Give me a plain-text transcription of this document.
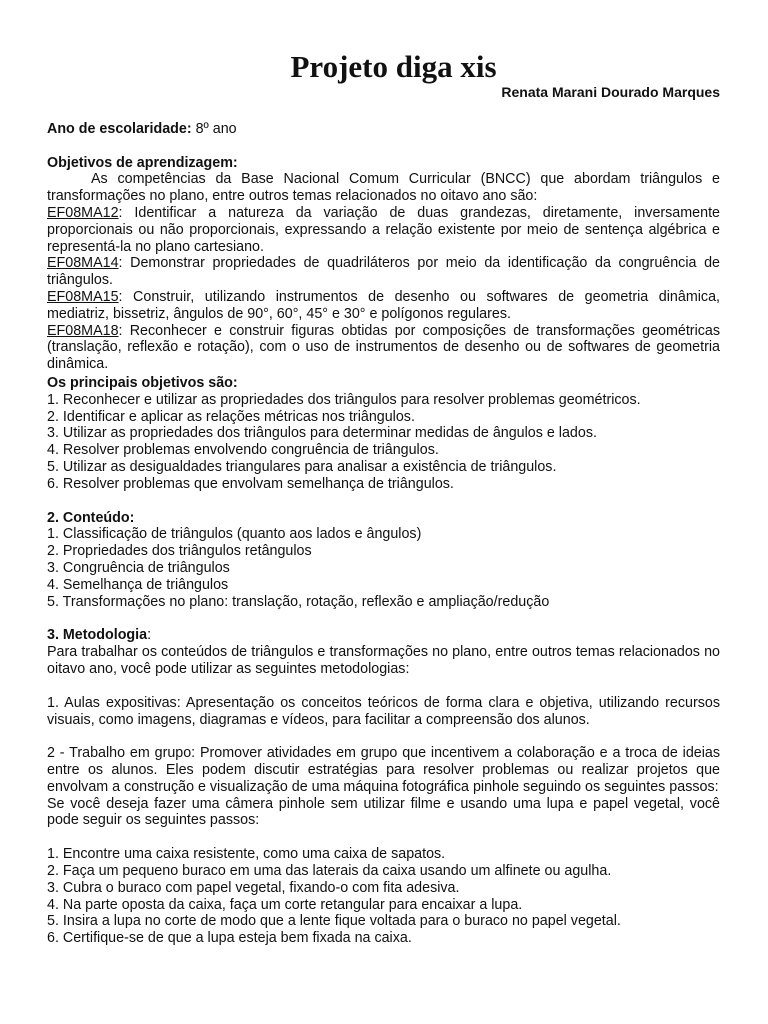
Projeto diga xis

Renata Marani Dourado Marques

Ano de escolaridade: 8º ano

Objetivos de aprendizagem:

As competências da Base Nacional Comum Curricular (BNCC) que abordam triângulos e transformações no plano, entre outros temas relacionados no oitavo ano são:

EF08MA12: Identificar a natureza da variação de duas grandezas, diretamente, inversamente proporcionais ou não proporcionais, expressando a relação existente por meio de sentença algébrica e representá-la no plano cartesiano.

EF08MA14: Demonstrar propriedades de quadriláteros por meio da identificação da congruência de triângulos.

EF08MA15: Construir, utilizando instrumentos de desenho ou softwares de geometria dinâmica, mediatriz, bissetriz, ângulos de 90°, 60°, 45° e 30° e polígonos regulares.

EF08MA18: Reconhecer e construir figuras obtidas por composições de transformações geométricas (translação, reflexão e rotação), com o uso de instrumentos de desenho ou de softwares de geometria dinâmica.

Os principais objetivos são:

1. Reconhecer e utilizar as propriedades dos triângulos para resolver problemas geométricos.

2. Identificar e aplicar as relações métricas nos triângulos.

3. Utilizar as propriedades dos triângulos para determinar medidas de ângulos e lados.

4. Resolver problemas envolvendo congruência de triângulos.

5. Utilizar as desigualdades triangulares para analisar a existência de triângulos.

6. Resolver problemas que envolvam semelhança de triângulos.

2. Conteúdo:

1. Classificação de triângulos (quanto aos lados e ângulos)

2. Propriedades dos triângulos retângulos

3. Congruência de triângulos

4. Semelhança de triângulos

5. Transformações no plano: translação, rotação, reflexão e ampliação/redução

3. Metodologia:

Para trabalhar os conteúdos de triângulos e transformações no plano, entre outros temas relacionados no oitavo ano, você pode utilizar as seguintes metodologias:

1. Aulas expositivas: Apresentação os conceitos teóricos de forma clara e objetiva, utilizando recursos visuais, como imagens, diagramas e vídeos, para facilitar a compreensão dos alunos.

2 - Trabalho em grupo: Promover atividades em grupo que incentivem a colaboração e a troca de ideias entre os alunos. Eles podem discutir estratégias para resolver problemas ou realizar projetos que envolvam a construção e visualização de uma máquina fotográfica pinhole seguindo os seguintes passos:

Se você deseja fazer uma câmera pinhole sem utilizar filme e usando uma lupa e papel vegetal, você pode seguir os seguintes passos:

1. Encontre uma caixa resistente, como uma caixa de sapatos.

2. Faça um pequeno buraco em uma das laterais da caixa usando um alfinete ou agulha.

3. Cubra o buraco com papel vegetal, fixando-o com fita adesiva.

4. Na parte oposta da caixa, faça um corte retangular para encaixar a lupa.

5. Insira a lupa no corte de modo que a lente fique voltada para o buraco no papel vegetal.

6. Certifique-se de que a lupa esteja bem fixada na caixa.
